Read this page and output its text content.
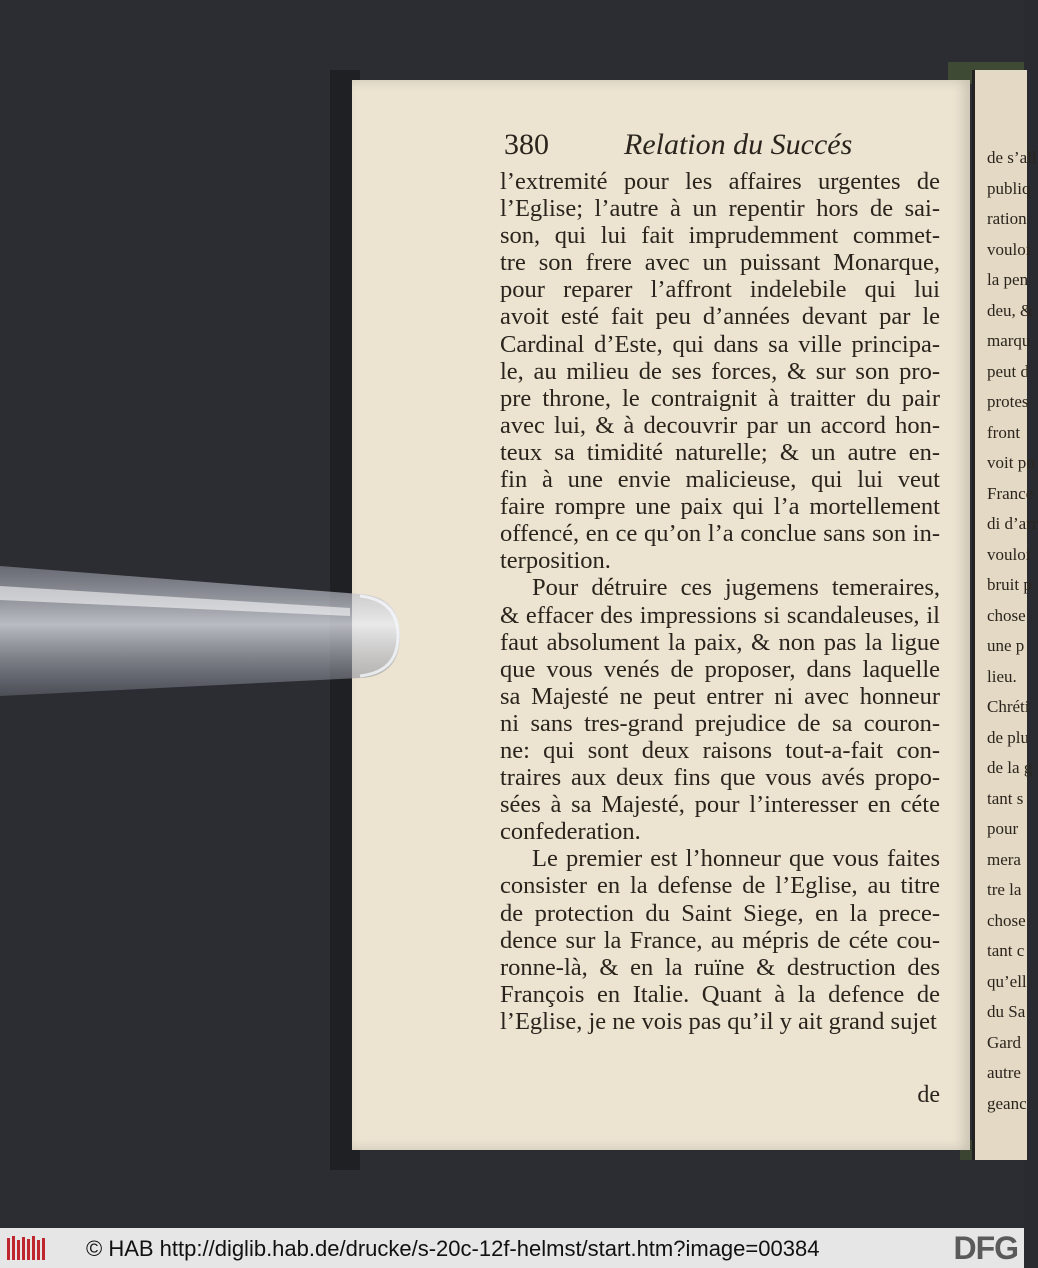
de s’all
publiq
ration
vouloi
la pen
deu, &
marqu
peut d
protes
front
voit po
France
di d’arr
vouloi
bruit p
chose
une p
lieu.
Chréti
de plu
de la g
tant s
pour
mera
tre la
chose
tant c
qu’ell
du Sa
Gard
autre
geanc
380	Relation du Succés
l’extremité pour les affaires urgentes de
l’Eglise; l’autre à un repentir hors de sai-
son, qui lui fait imprudemment commet-
tre son frere avec un puissant Monarque,
pour reparer l’affront indelebile qui lui
avoit esté fait peu d’années devant par le
Cardinal d’Este, qui dans sa ville principa-
le, au milieu de ses forces, & sur son pro-
pre throne, le contraignit à traitter du pair
avec lui, & à decouvrir par un accord hon-
teux sa timidité naturelle; & un autre en-
fin à une envie malicieuse, qui lui veut
faire rompre une paix qui l’a mortellement
offencé, en ce qu’on l’a conclue sans son in-
terposition.
Pour détruire ces jugemens temeraires,
& effacer des impressions si scandaleuses, il
faut absolument la paix, & non pas la ligue
que vous venés de proposer, dans laquelle
sa Majesté ne peut entrer ni avec honneur
ni sans tres-grand prejudice de sa couron-
ne: qui sont deux raisons tout-a-fait con-
traires aux deux fins que vous avés propo-
sées à sa Majesté, pour l’interesser en céte
confederation.
Le premier est l’honneur que vous faites
consister en la defense de l’Eglise, au titre
de protection du Saint Siege, en la prece-
dence sur la France, au mépris de céte cou-
ronne-là, & en la ruïne & destruction des
François en Italie. Quant à la defence de
l’Eglise, je ne vois pas qu’il y ait grand sujet
de
© HAB http://diglib.hab.de/drucke/s-20c-12f-helmst/start.htm?image=00384	DFG
